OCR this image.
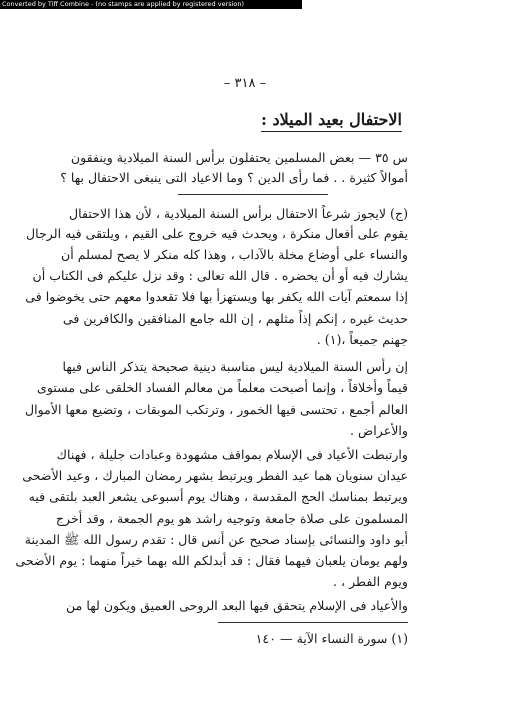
Converted by Tiff Combine - (no stamps are applied by registered version)
– ٣١٨ –
الاحتفال بعيد الميلاد :
س ٣٥ — بعض المسلمين يحتفلون برأس السنة الميلادية وينفقون
أموالاً كثيرة . . فما رأى الدين ؟ وما الاعياد التى ينبغى الاحتفال بها ؟
(ج) لايجوز شرعاً الاحتفال برأس السنة الميلادية ، لأن هذا الاحتفال
يقوم على أفعال منكرة ، ويحدث فيه خروج على القيم ، ويلتقى فيه الرجال
والنساء على أوضاع مخلة بالآداب ، وهذا كله منكر لا يصح لمسلم أن
يشارك فيه أو أن يحضره . قال الله تعالى : وقد نزل عليكم فى الكتاب أن
إذا سمعتم آيات الله يكفر بها ويستهزأ بها فلا تقعدوا معهم حتى يخوضوا فى
حديث غيره ، إنكم إذاً مثلهم ، إن الله جامع المنافقين والكافرين فى
جهنم جميعاً ،(١) .
إن رأس السنة الميلادية ليس مناسبة دينية صحيحة يتذكر الناس فيها
قيماً وأخلاقاً ، وإنما أصبحت معلماً من معالم الفساد الخلقى على مستوى
العالم أجمع ، تحتسى فيها الخمور ، وترتكب الموبقات ، وتضيع معها الأموال
والأعراض .
وارتبطت الأعياد فى الإسلام بمواقف مشهودة وعبادات جليلة ، فهناك
عيدان سنويان هما عيد الفطر ويرتبط بشهر رمضان المبارك ، وعيد الأضحى
ويرتبط بمناسك الحج المقدسة ، وهناك يوم أسبوعى يشعر العبد بلتقى فيه
المسلمون على صلاة جامعة وتوجيه راشد هو يوم الجمعة ، وقد أخرج
أبو داود والنسائى بإسناد صحيح عن أنس قال : تقدم رسول الله ﷺ المدينة
ولهم يومان يلعبان فيهما فقال : قد أبدلكم الله بهما خيراً منهما : يوم الأضحى
ويوم الفطر ، .
والأعياد فى الإسلام يتحقق فيها البعد الروحى العميق ويكون لها من
(١) سورة النساء الآية — ١٤٠
